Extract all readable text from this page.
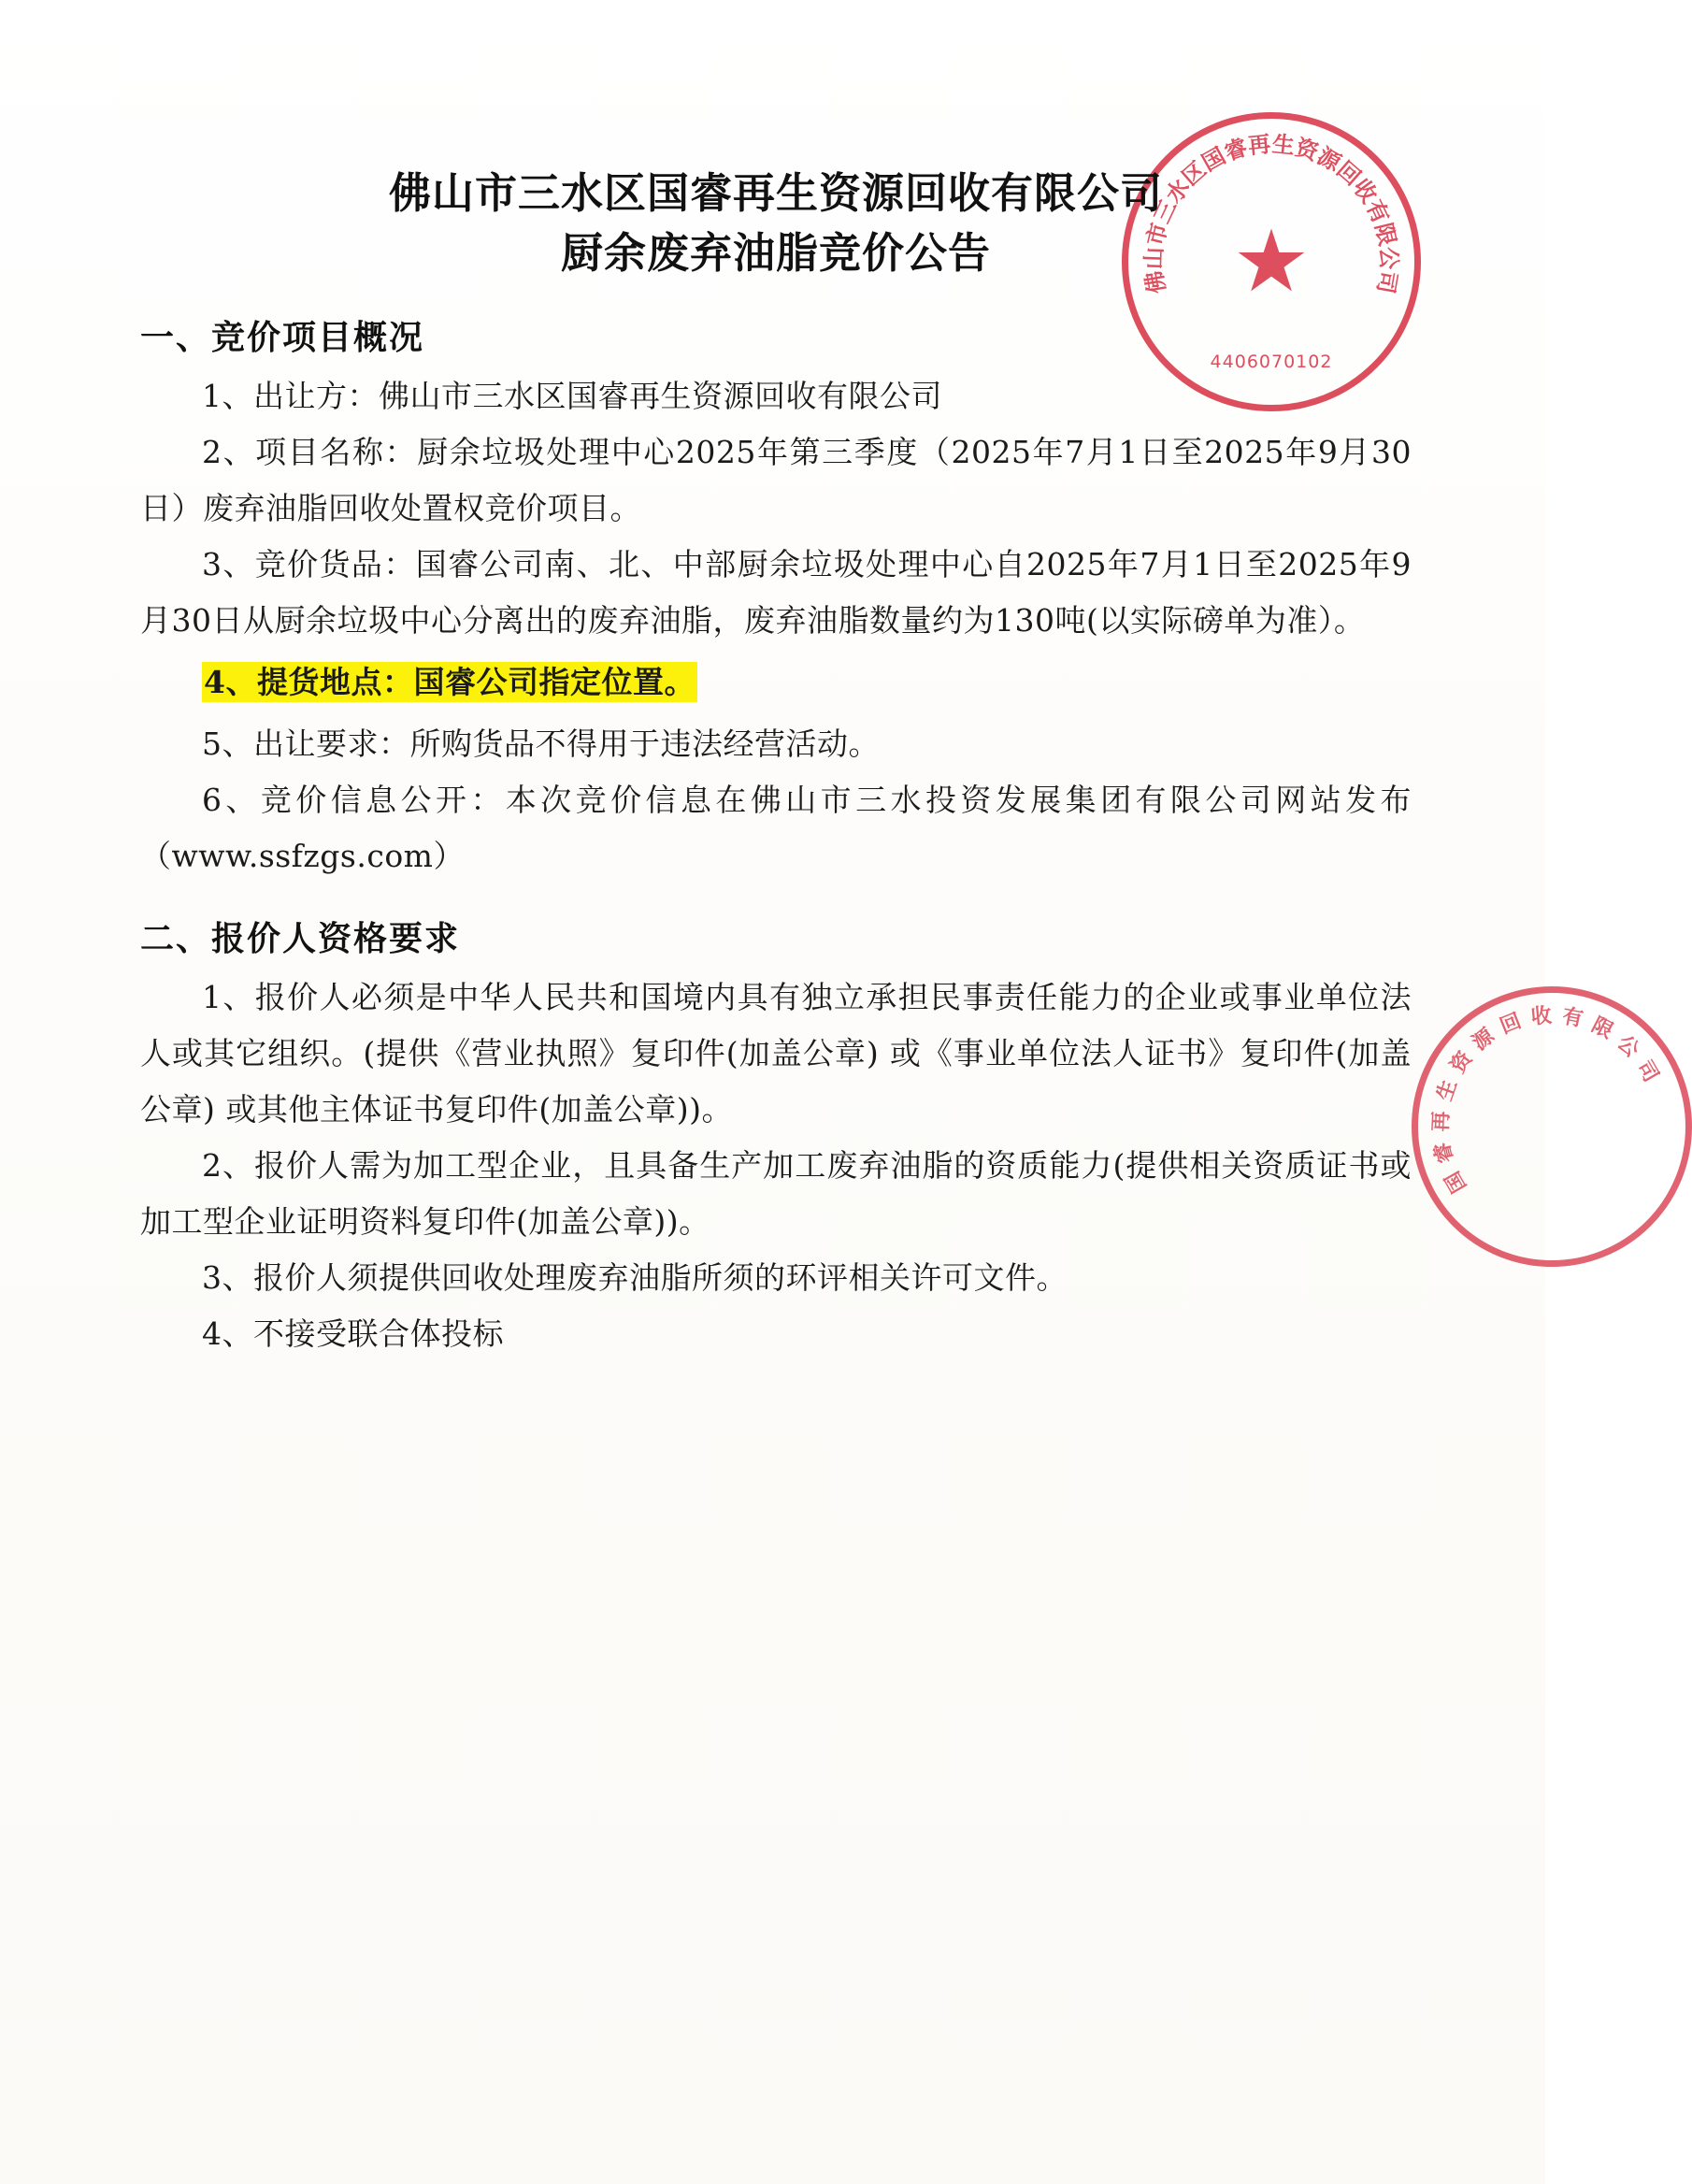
★
佛
山
市
三
水
区
国
睿
再
生
资
源
回
收
有
限
公
司
4406070102
国
睿
再
生
资
源
回 收 有 限
公
司
佛山市三水区国睿再生资源回收有限公司
厨余废弃油脂竞价公告
一、竞价项目概况

1、出让方：佛山市三水区国睿再生资源回收有限公司

2、项目名称：厨余垃圾处理中心2025年第三季度（2025年7月1日至2025年9月30日）废弃油脂回收处置权竞价项目。

3、竞价货品：国睿公司南、北、中部厨余垃圾处理中心自2025年7月1日至2025年9月30日从厨余垃圾中心分离出的废弃油脂，废弃油脂数量约为130吨(以实际磅单为准）。

4、提货地点：国睿公司指定位置。

5、出让要求：所购货品不得用于违法经营活动。

6、竞价信息公开：本次竞价信息在佛山市三水投资发展集团有限公司网站发布（www.ssfzgs.com）

二、报价人资格要求

1、报价人必须是中华人民共和国境内具有独立承担民事责任能力的企业或事业单位法人或其它组织。(提供《营业执照》复印件(加盖公章) 或《事业单位法人证书》复印件(加盖公章) 或其他主体证书复印件(加盖公章))。

2、报价人需为加工型企业，且具备生产加工废弃油脂的资质能力(提供相关资质证书或加工型企业证明资料复印件(加盖公章))。

3、报价人须提供回收处理废弃油脂所须的环评相关许可文件。

4、不接受联合体投标
